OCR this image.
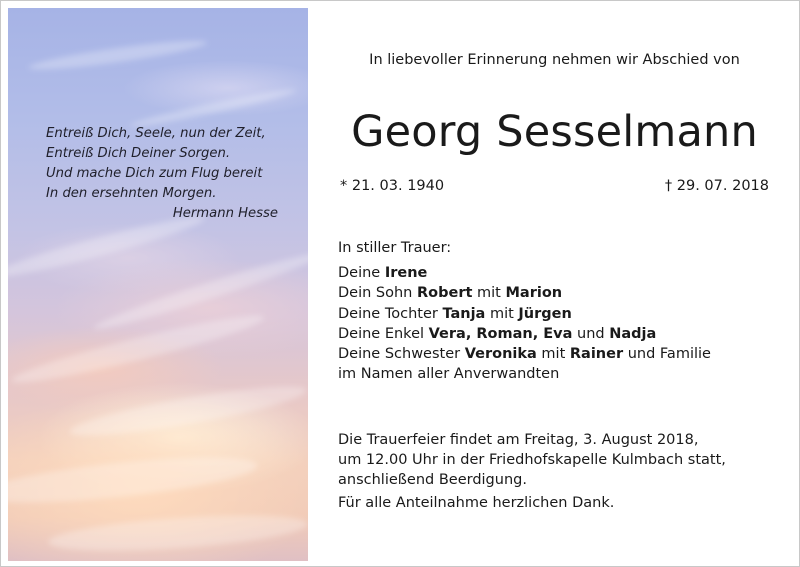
Entreiß Dich, Seele, nun der Zeit,
Entreiß Dich Deiner Sorgen.
Und mache Dich zum Flug bereit
In den ersehnten Morgen.
Hermann Hesse
In liebevoller Erinnerung nehmen wir Abschied von
Georg Sesselmann
* 21. 03. 1940	† 29. 07. 2018
In stiller Trauer:
Deine Irene
Dein Sohn Robert mit Marion
Deine Tochter Tanja mit Jürgen
Deine Enkel Vera, Roman, Eva und Nadja
Deine Schwester Veronika mit Rainer und Familie
im Namen aller Anverwandten
Die Trauerfeier findet am Freitag, 3. August 2018,
um 12.00 Uhr in der Friedhofskapelle Kulmbach statt,
anschließend Beerdigung.
Für alle Anteilnahme herzlichen Dank.
